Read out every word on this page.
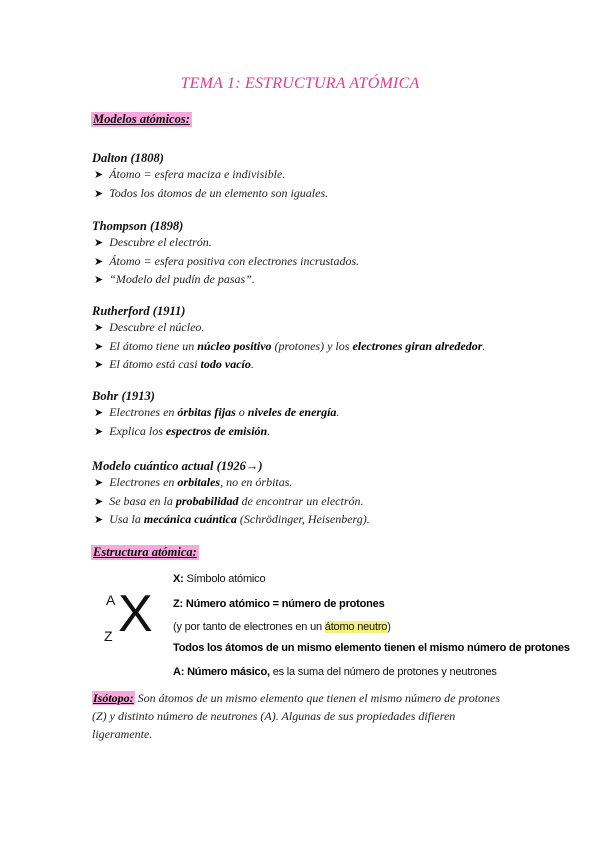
TEMA 1: ESTRUCTURA ATÓMICA
Modelos atómicos:
Dalton (1808)
➤ Átomo = esfera maciza e indivisible.
➤ Todos los átomos de un elemento son iguales.
Thompson (1898)
➤ Descubre el electrón.
➤ Átomo = esfera positiva con electrones incrustados.
➤ “Modelo del pudín de pasas”.
Rutherford (1911)
➤ Descubre el núcleo.
➤ El átomo tiene un núcleo positivo (protones) y los electrones giran alrededor.
➤ El átomo está casi todo vacío.
Bohr (1913)
➤ Electrones en órbitas fijas o niveles de energía.
➤ Explica los espectros de emisión.
Modelo cuántico actual (1926→)
➤ Electrones en orbitales, no en órbitas.
➤ Se basa en la probabilidad de encontrar un electrón.
➤ Usa la mecánica cuántica (Schrödinger, Heisenberg).
Estructura atómica:
A
Z X
X: Símbolo atómico
Z: Número atómico = número de protones
(y por tanto de electrones en un átomo neutro)
Todos los átomos de un mismo elemento tienen el mismo número de protones
A: Número másico, es la suma del número de protones y neutrones
Isótopo: Son átomos de un mismo elemento que tienen el mismo número de protones (Z) y distinto número de neutrones (A). Algunas de sus propiedades difieren ligeramente.
